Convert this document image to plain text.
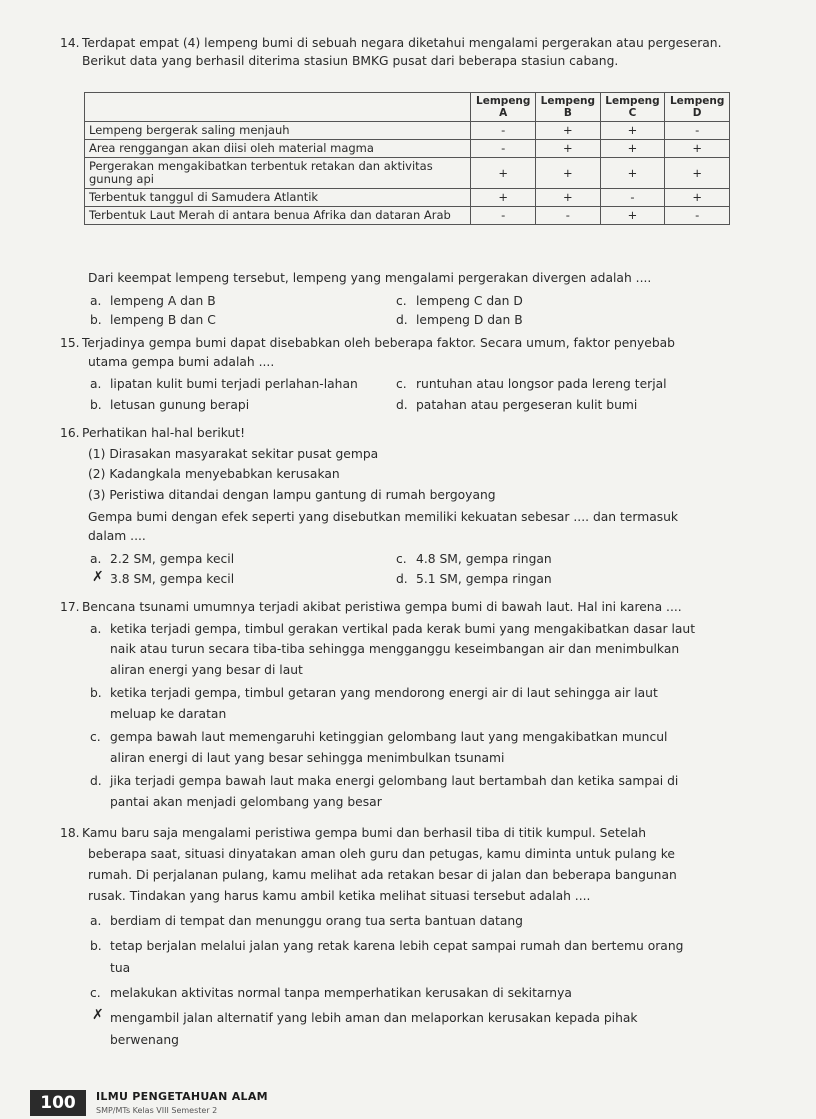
14. Terdapat empat (4) lempeng bumi di sebuah negara diketahui mengalami pergerakan atau pergeseran.
Berikut data yang berhasil diterima stasiun BMKG pusat dari beberapa stasiun cabang.
	Lempeng A	Lempeng B	Lempeng C	Lempeng D
Lempeng bergerak saling menjauh	-	+	+	-
Area renggangan akan diisi oleh material magma	-	+	+	+
Pergerakan mengakibatkan terbentuk retakan dan aktivitas gunung api	+	+	+	+
Terbentuk tanggul di Samudera Atlantik	+	+	-	+
Terbentuk Laut Merah di antara benua Afrika dan dataran Arab	-	-	+	-
Dari keempat lempeng tersebut, lempeng yang mengalami pergerakan divergen adalah ....
a. lempeng A dan B
b. lempeng B dan C
c. lempeng C dan D
d. lempeng D dan B
15. Terjadinya gempa bumi dapat disebabkan oleh beberapa faktor. Secara umum, faktor penyebab
utama gempa bumi adalah ....
a. lipatan kulit bumi terjadi perlahan-lahan
b. letusan gunung berapi
c. runtuhan atau longsor pada lereng terjal
d. patahan atau pergeseran kulit bumi
16. Perhatikan hal-hal berikut!
(1) Dirasakan masyarakat sekitar pusat gempa
(2) Kadangkala menyebabkan kerusakan
(3) Peristiwa ditandai dengan lampu gantung di rumah bergoyang
Gempa bumi dengan efek seperti yang disebutkan memiliki kekuatan sebesar .... dan termasuk
dalam ....
a. 2.2 SM, gempa kecil
✗ 3.8 SM, gempa kecil
c. 4.8 SM, gempa ringan
d. 5.1 SM, gempa ringan
17. Bencana tsunami umumnya terjadi akibat peristiwa gempa bumi di bawah laut. Hal ini karena ....
a. ketika terjadi gempa, timbul gerakan vertikal pada kerak bumi yang mengakibatkan dasar laut
naik atau turun secara tiba-tiba sehingga mengganggu keseimbangan air dan menimbulkan
aliran energi yang besar di laut
b. ketika terjadi gempa, timbul getaran yang mendorong energi air di laut sehingga air laut
meluap ke daratan
c. gempa bawah laut memengaruhi ketinggian gelombang laut yang mengakibatkan muncul
aliran energi di laut yang besar sehingga menimbulkan tsunami
d. jika terjadi gempa bawah laut maka energi gelombang laut bertambah dan ketika sampai di
pantai akan menjadi gelombang yang besar
18. Kamu baru saja mengalami peristiwa gempa bumi dan berhasil tiba di titik kumpul. Setelah
beberapa saat, situasi dinyatakan aman oleh guru dan petugas, kamu diminta untuk pulang ke
rumah. Di perjalanan pulang, kamu melihat ada retakan besar di jalan dan beberapa bangunan
rusak. Tindakan yang harus kamu ambil ketika melihat situasi tersebut adalah ....
a. berdiam di tempat dan menunggu orang tua serta bantuan datang
b. tetap berjalan melalui jalan yang retak karena lebih cepat sampai rumah dan bertemu orang
tua
c. melakukan aktivitas normal tanpa memperhatikan kerusakan di sekitarnya
✗ mengambil jalan alternatif yang lebih aman dan melaporkan kerusakan kepada pihak
berwenang
100	ILMU PENGETAHUAN ALAM
SMP/MTs Kelas VIII Semester 2
